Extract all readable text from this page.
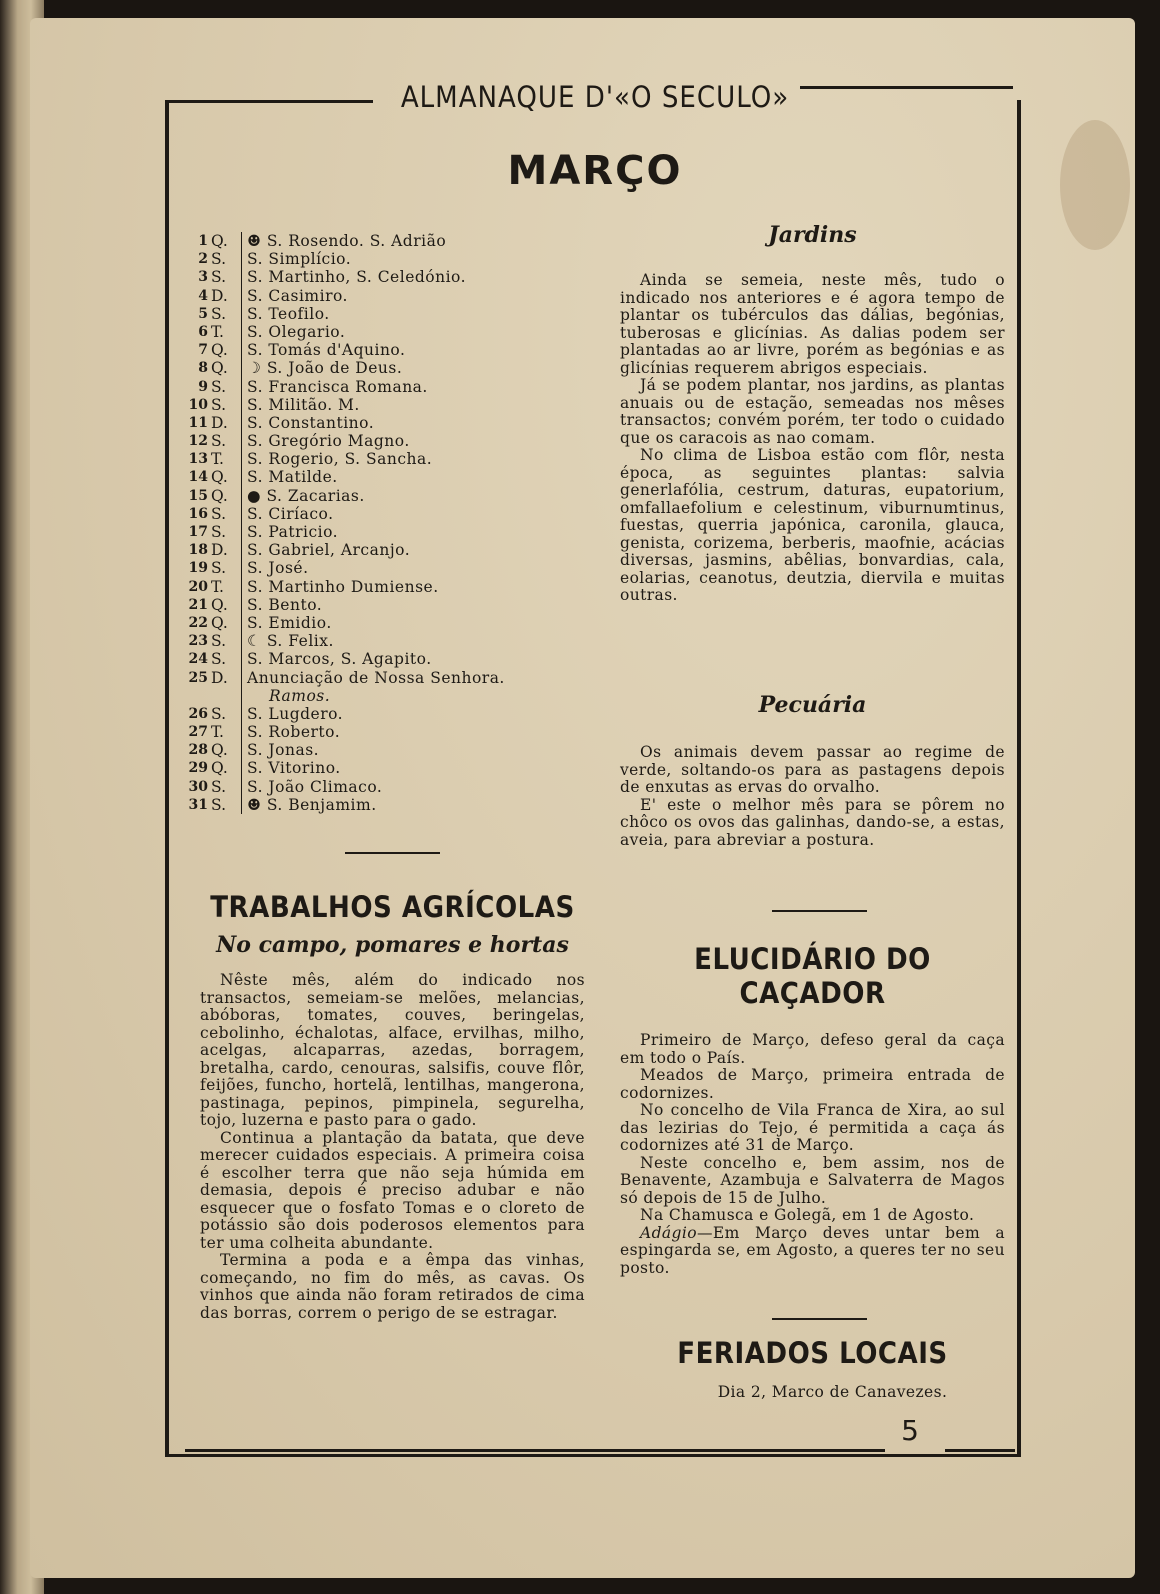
ALMANAQUE D'«O SECULO»
MARÇO
1 Q.	☻ S. Rosendo. S. Adrião
2 S.	S. Simplício.
3 S.	S. Martinho, S. Celedónio.
4 D.	S. Casimiro.
5 S.	S. Teofilo.
6 T.	S. Olegario.
7 Q.	S. Tomás d'Aquino.
8 Q.	☽ S. João de Deus.
9 S.	S. Francisca Romana.
10 S.	S. Militão. M.
11 D.	S. Constantino.
12 S.	S. Gregório Magno.
13 T.	S. Rogerio, S. Sancha.
14 Q.	S. Matilde.
15 Q.	● S. Zacarias.
16 S.	S. Ciríaco.
17 S.	S. Patricio.
18 D.	S. Gabriel, Arcanjo.
19 S.	S. José.
20 T.	S. Martinho Dumiense.
21 Q.	S. Bento.
22 Q.	S. Emidio.
23 S.	☾ S. Felix.
24 S.	S. Marcos, S. Agapito.
25 D.	Anunciação de Nossa Senhora.
Ramos.
26 S.	S. Lugdero.
27 T.	S. Roberto.
28 Q.	S. Jonas.
29 Q.	S. Vitorino.
30 S.	S. João Climaco.
31 S.	☻ S. Benjamim.
TRABALHOS AGRÍCOLAS
No campo, pomares e hortas

Nêste mês, além do indicado nos transactos, semeiam-se melões, melancias, abóboras, tomates, couves, beringelas, cebolinho, échalotas, alface, ervilhas, milho, acelgas, alcaparras, azedas, borragem, bretalha, cardo, cenouras, salsifis, couve flôr, feijões, funcho, hortelã, lentilhas, mangerona, pastinaga, pepinos, pimpinela, segurelha, tojo, luzerna e pasto para o gado.

Continua a plantação da batata, que deve merecer cuidados especiais. A primeira coisa é escolher terra que não seja húmida em demasia, depois é preciso adubar e não esquecer que o fosfato Tomas e o cloreto de potássio são dois poderosos elementos para ter uma colheita abundante.

Termina a poda e a êmpa das vinhas, começando, no fim do mês, as cavas. Os vinhos que ainda não foram retirados de cima das borras, correm o perigo de se estragar.

Jardins

Ainda se semeia, neste mês, tudo o indicado nos anteriores e é agora tempo de plantar os tubérculos das dálias, begónias, tuberosas e glicínias. As dalias podem ser plantadas ao ar livre, porém as begónias e as glicínias requerem abrigos especiais.

Já se podem plantar, nos jardins, as plantas anuais ou de estação, semeadas nos mêses transactos; convém porém, ter todo o cuidado que os caracois as nao comam.

No clima de Lisboa estão com flôr, nesta época, as seguintes plantas: salvia generlafólia, cestrum, daturas, eupatorium, omfallaefolium e celestinum, viburnumtinus, fuestas, querria japónica, caronila, glauca, genista, corizema, berberis, maofnie, acácias diversas, jasmins, abêlias, bonvardias, cala, eolarias, ceanotus, deutzia, diervila e muitas outras.

Pecuária

Os animais devem passar ao regime de verde, soltando-os para as pastagens depois de enxutas as ervas do orvalho.

E' este o melhor mês para se pôrem no chôco os ovos das galinhas, dando-se, a estas, aveia, para abreviar a postura.

ELUCIDÁRIO DO CAÇADOR

Primeiro de Março, defeso geral da caça em todo o País.

Meados de Março, primeira entrada de codornizes.

No concelho de Vila Franca de Xira, ao sul das lezirias do Tejo, é permitida a caça ás codornizes até 31 de Março.

Neste concelho e, bem assim, nos de Benavente, Azambuja e Salvaterra de Magos só depois de 15 de Julho.

Na Chamusca e Golegã, em 1 de Agosto.

Adágio—Em Março deves untar bem a espingarda se, em Agosto, a queres ter no seu posto.

FERIADOS LOCAIS

Dia 2, Marco de Canavezes.

5
